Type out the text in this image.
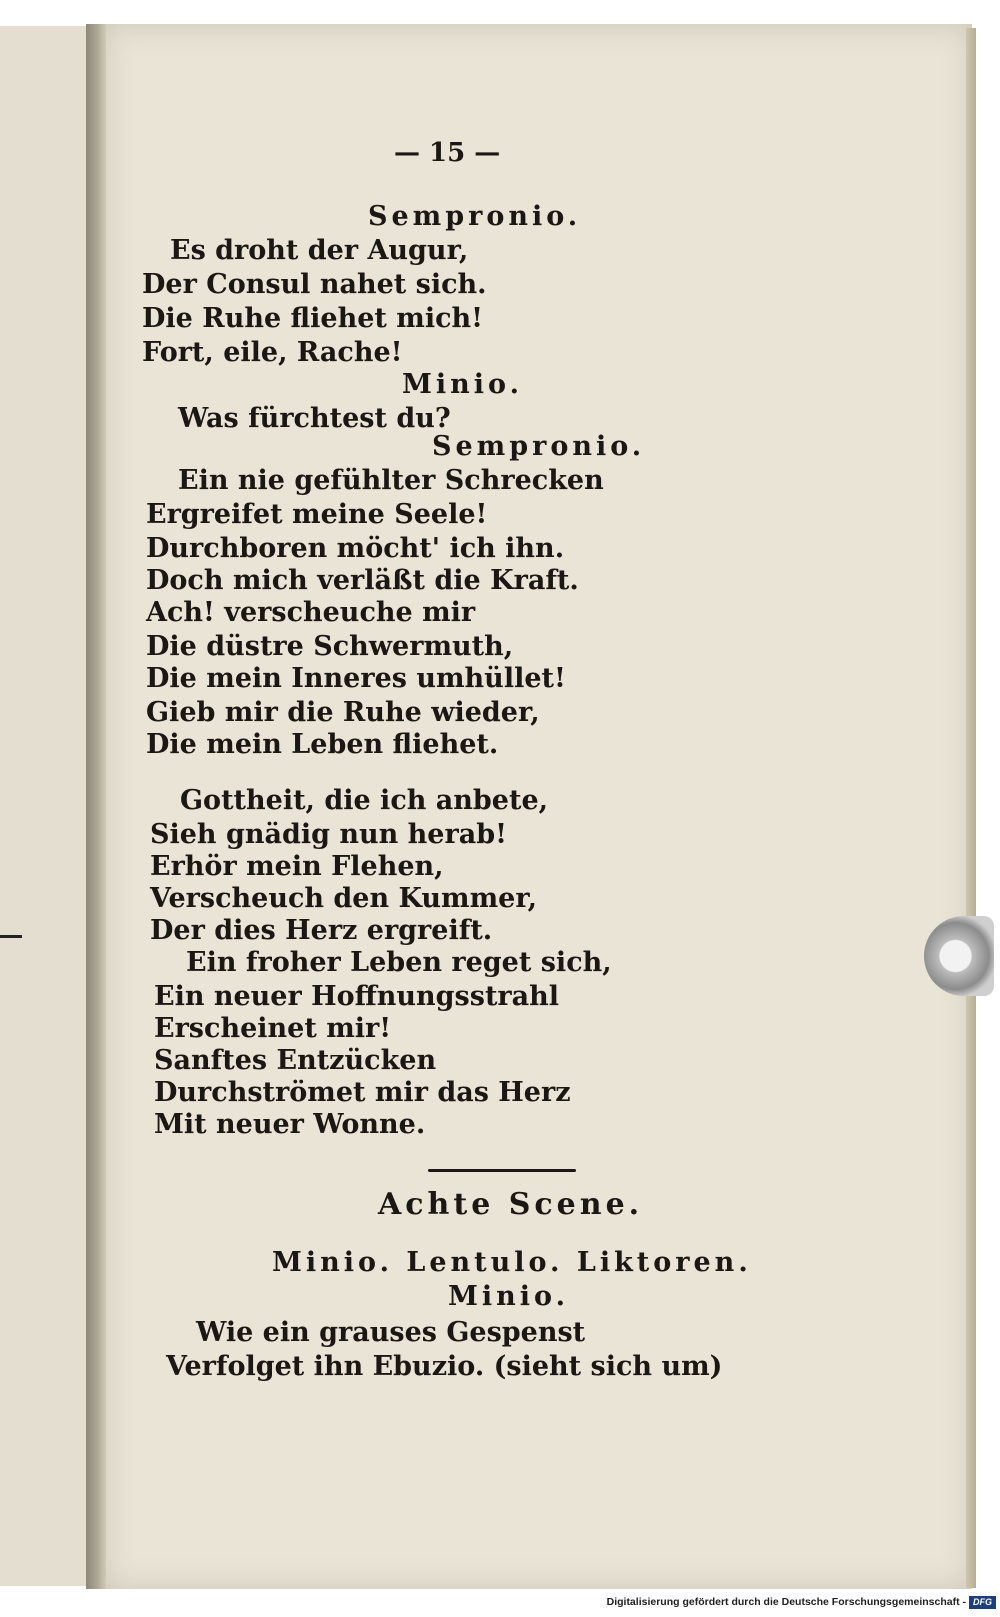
— 15 —
Sempronio.
Es droht der Augur,
Der Consul nahet sich.
Die Ruhe fliehet mich!
Fort, eile, Rache!
Minio.
Was fürchtest du?
Sempronio.
Ein nie gefühlter Schrecken
Ergreifet meine Seele!
Durchboren möcht' ich ihn.
Doch mich verläßt die Kraft.
Ach! verscheuche mir
Die düstre Schwermuth,
Die mein Inneres umhüllet!
Gieb mir die Ruhe wieder,
Die mein Leben fliehet.
Gottheit, die ich anbete,
Sieh gnädig nun herab!
Erhör mein Flehen,
Verscheuch den Kummer,
Der dies Herz ergreift.
Ein froher Leben reget sich,
Ein neuer Hoffnungsstrahl
Erscheinet mir!
Sanftes Entzücken
Durchströmet mir das Herz
Mit neuer Wonne.
Achte Scene.
Minio. Lentulo. Liktoren.
Minio.
Wie ein grauses Gespenst
Verfolget ihn Ebuzio. (sieht sich um)
Digitalisierung gefördert durch die Deutsche Forschungsgemeinschaft - DFG
